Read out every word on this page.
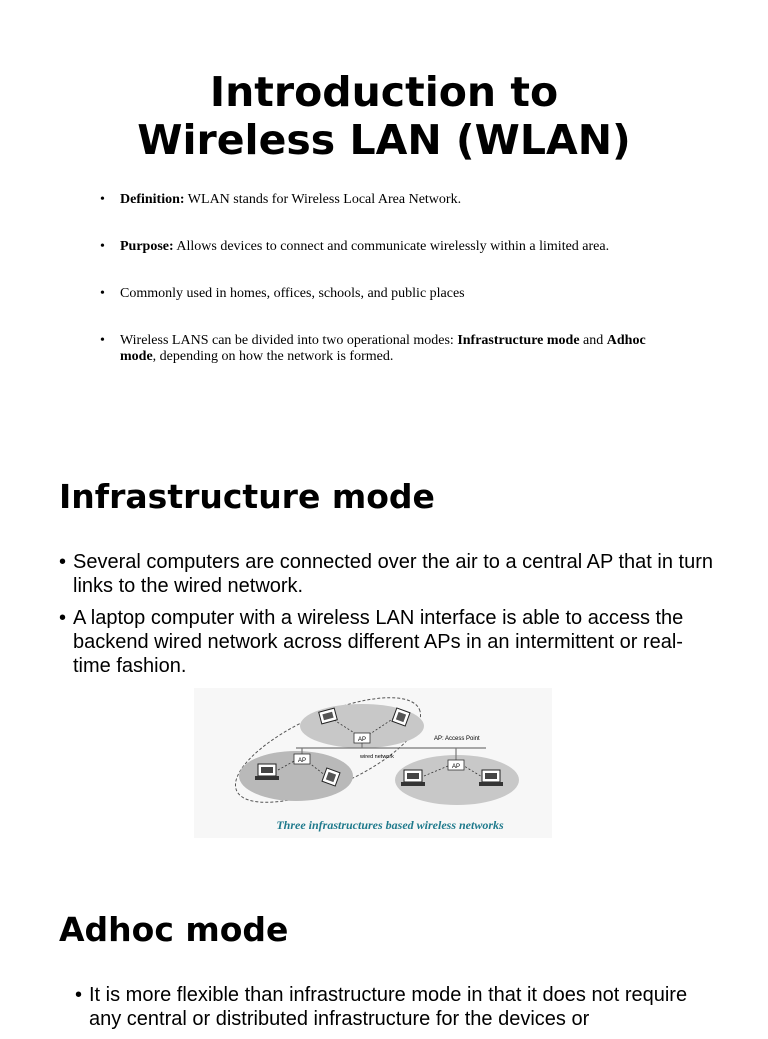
Introduction to
Wireless LAN (WLAN)
• Definition: WLAN stands for Wireless Local Area Network.
• Purpose: Allows devices to connect and communicate wirelessly within a limited area.
• Commonly used in homes, offices, schools, and public places
• Wireless LANS can be divided into two operational modes: Infrastructure mode and Adhoc mode, depending on how the network is formed.
Infrastructure mode
• Several computers are connected over the air to a central AP that in turn links to the wired network.
• A laptop computer with a wireless LAN interface is able to access the backend wired network across different APs in an intermittent or real-time fashion.
AP
AP
AP
AP: Access Point
wired network
Three infrastructures based wireless networks
Adhoc mode
• It is more flexible than infrastructure mode in that it does not require any central or distributed infrastructure for the devices or
